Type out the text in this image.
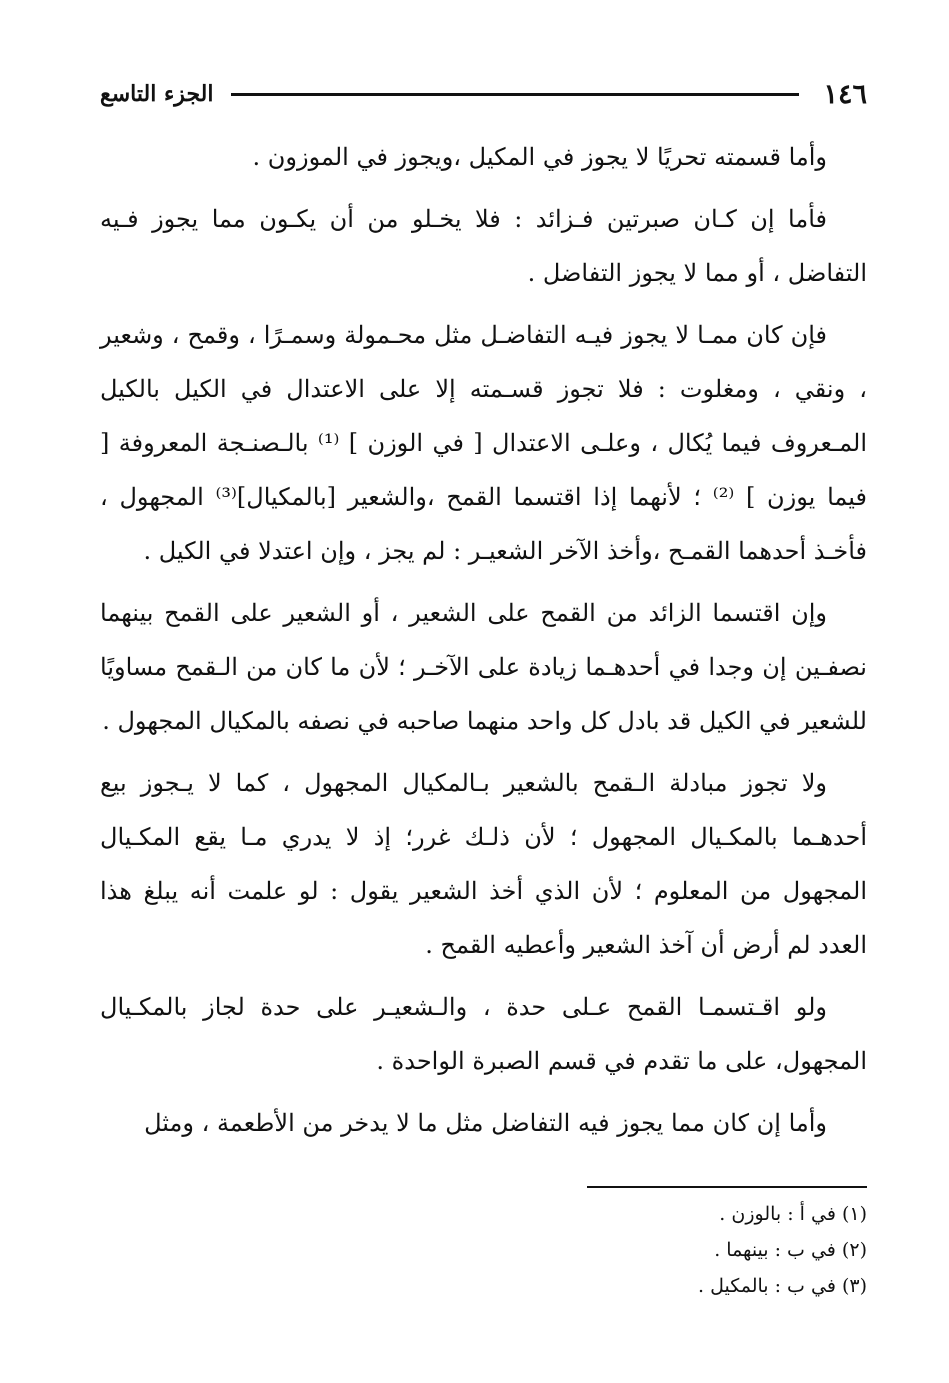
١٤٦
الجزء التاسع

وأما قسمته تحريًا لا يجوز في المكيل ،ويجوز في الموزون .

فأما إن كـان صبرتين فـزائد : فلا يخـلو من أن يكـون مما يجوز فـيه التفاضل ، أو مما لا يجوز التفاضل .

فإن كان ممـا لا يجوز فيـه التفاضـل مثل محـمولة وسمـرًا ، وقمح ، وشعير ، ونقي ، ومغلوت : فلا تجوز قسـمته إلا على الاعتدال في الكيل بالكيل المـعروف فيما يُكال ، وعلـى الاعتدال [ في الوزن ] ⁽¹⁾ بالـصنـجة المعروفة [ فيما يوزن ] ⁽²⁾ ؛ لأنهما إذا اقتسما القمح ،والشعير [بالمكيال]⁽³⁾ المجهول ، فأخـذ أحدهما القمـح ،وأخذ الآخر الشعيـر : لم يجز ، وإن اعتدلا في الكيل .

وإن اقتسما الزائد من القمح على الشعير ، أو الشعير على القمح بينهما نصفـين إن وجدا في أحدهـما زيادة على الآخـر ؛ لأن ما كان من الـقمح مساويًا للشعير في الكيل قد بادل كل واحد منهما صاحبه في نصفه بالمكيال المجهول .

ولا تجوز مبادلة الـقمح بالشعير بـالمكيال المجهول ، كما لا يـجوز بيع أحدهـما بالمكـيال المجهول ؛ لأن ذلـك غرر؛ إذ لا يدري مـا يقع المكـيال المجهول من المعلوم ؛ لأن الذي أخذ الشعير يقول : لو علمت أنه يبلغ هذا العدد لم أرض أن آخذ الشعير وأعطيه القمح .

ولو اقـتسمـا القمح عـلى حدة ، والـشعيـر على حدة لجاز بالمكـيال المجهول، على ما تقدم في قسم الصبرة الواحدة .

وأما إن كان مما يجوز فيه التفاضل مثل ما لا يدخر من الأطعمة ، ومثل

(١) في أ : بالوزن .
(٢) في ب : بينهما .
(٣) في ب : بالمكيل .
